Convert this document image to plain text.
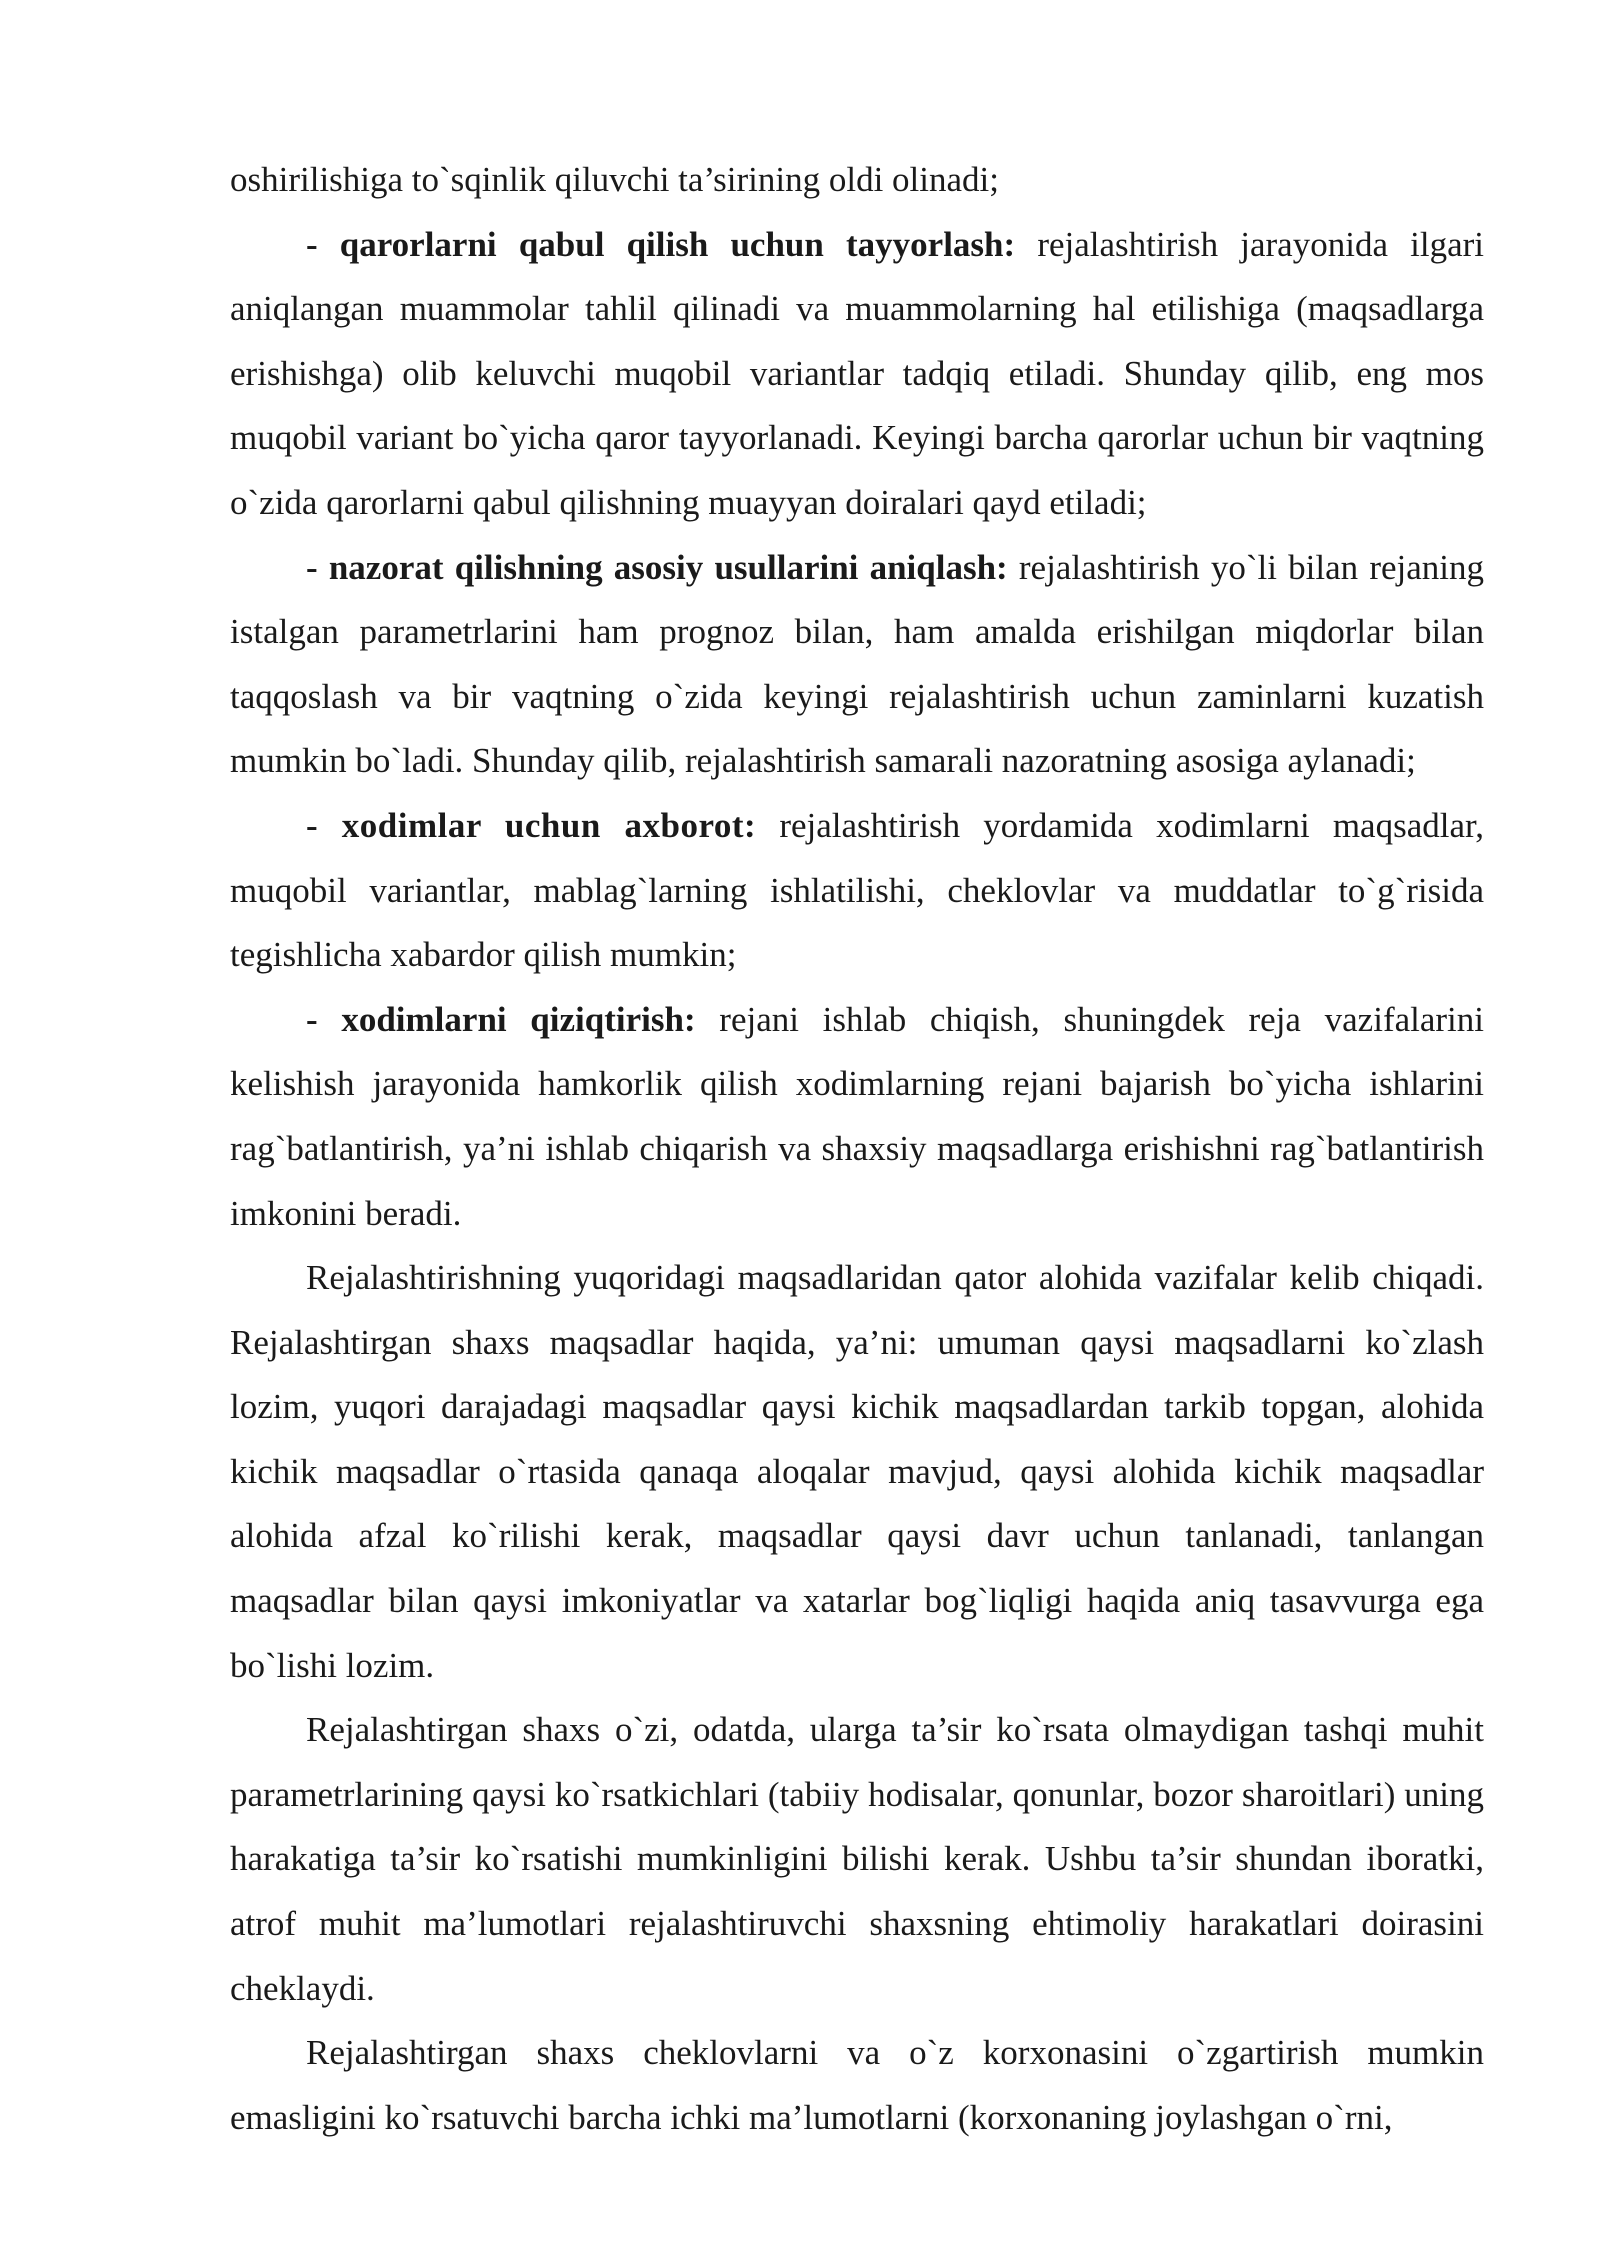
oshirilishiga to`sqinlik qiluvchi ta’sirining oldi olinadi;

- qarorlarni qabul qilish uchun tayyorlash: rejalashtirish jarayonida ilgari aniqlangan muammolar tahlil qilinadi va muammolarning hal etilishiga (maqsadlarga erishishga) olib keluvchi muqobil variantlar tadqiq etiladi. Shunday qilib, eng mos muqobil variant bo`yicha qaror tayyorlanadi. Keyingi barcha qarorlar uchun bir vaqtning o`zida qarorlarni qabul qilishning muayyan doiralari qayd etiladi;

- nazorat qilishning asosiy usullarini aniqlash: rejalashtirish yo`li bilan rejaning istalgan parametrlarini ham prognoz bilan, ham amalda erishilgan miqdorlar bilan taqqoslash va bir vaqtning o`zida keyingi rejalashtirish uchun zaminlarni kuzatish mumkin bo`ladi. Shunday qilib, rejalashtirish samarali nazoratning asosiga aylanadi;

- xodimlar uchun axborot: rejalashtirish yordamida xodimlarni maqsadlar, muqobil variantlar, mablag`larning ishlatilishi, cheklovlar va muddatlar to`g`risida tegishlicha xabardor qilish mumkin;

- xodimlarni qiziqtirish: rejani ishlab chiqish, shuningdek reja vazifalarini kelishish jarayonida hamkorlik qilish xodimlarning rejani bajarish bo`yicha ishlarini rag`batlantirish, ya’ni ishlab chiqarish va shaxsiy maqsadlarga erishishni rag`batlantirish imkonini beradi.

Rejalashtirishning yuqoridagi maqsadlaridan qator alohida vazifalar kelib chiqadi. Rejalashtirgan shaxs maqsadlar haqida, ya’ni: umuman qaysi maqsadlarni ko`zlash lozim, yuqori darajadagi maqsadlar qaysi kichik maqsadlardan tarkib topgan, alohida kichik maqsadlar o`rtasida qanaqa aloqalar mavjud, qaysi alohida kichik maqsadlar alohida afzal ko`rilishi kerak, maqsadlar qaysi davr uchun tanlanadi, tanlangan maqsadlar bilan qaysi imkoniyatlar va xatarlar bog`liqligi haqida aniq tasavvurga ega bo`lishi lozim.

Rejalashtirgan shaxs o`zi, odatda, ularga ta’sir ko`rsata olmaydigan tashqi muhit parametrlarining qaysi ko`rsatkichlari (tabiiy hodisalar, qonunlar, bozor sharoitlari) uning harakatiga ta’sir ko`rsatishi mumkinligini bilishi kerak. Ushbu ta’sir shundan iboratki, atrof muhit ma’lumotlari rejalashtiruvchi shaxsning ehtimoliy harakatlari doirasini cheklaydi.

Rejalashtirgan shaxs cheklovlarni va o`z korxonasini o`zgartirish mumkin emasligini ko`rsatuvchi barcha ichki ma’lumotlarni (korxonaning joylashgan o`rni,
